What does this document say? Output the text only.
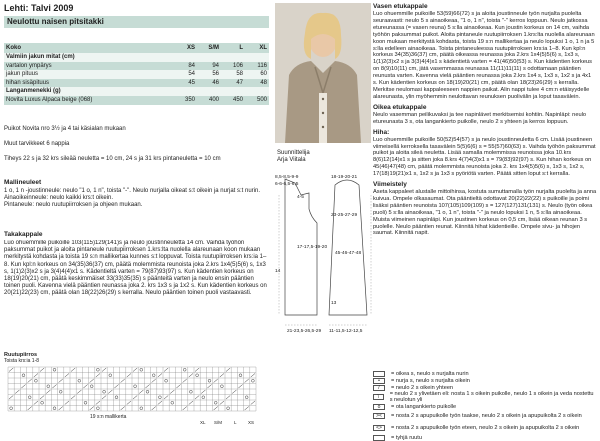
Lehti: Talvi 2009
Neulottu naisen pitsitakki
Koko	XS	S/M	L	XL
Valmiin jakun mitat (cm)				
vartalon ympärys	84	94	106	116
jakun pituus	54	56	58	60
hihan sisäpituus	45	46	47	48
Langanmenekki (g)				
Novita Luxus Alpaca beige (068)	350	400	450	500
Puikot Novita nro 3½ ja 4 tai käsialan mukaan
Muut tarvikkeet 6 nappia
Tiheys 22 s ja 32 krs sileää neuletta = 10 cm, 24 s ja 31 krs pintaneuletta = 10 cm
Mallineuleet
1 o, 1 n -joustinneule: neulo "1 o, 1 n", toista "-". Neulo nurjalla oikeat s:t oikein ja nurjat s:t nurin.
Ainaoikeinneule: neulo kaikki krs:t oikein.
Pintaneule: neulo ruutupiirroksen ja ohjeen mukaan.
Takakappale
Luo ohuemmille puikoille 103(115)129(141)s ja neulo joustinneuletta 14 cm. Vaihda työhön paksummat puikot ja aloita pintaneule ruutupiirroksen 1.krs:lta nuolella alareunaan koon mukaan merkitystä kohdasta ja toista 19 s:n mallikertaa kunnes s:t loppuvat. Toista ruutupiirroksen krs:ia 1–8. Kun kpl:n korkeus on 34(35)36(37) cm, päätä molemmista reunoista joka 2.krs 1x4(5)5(6) s, 1x3 s, 1(1)2(3)x2 s ja 3(4)4(4)x1 s. Kädentieltä varten = 79(87)93(97) s. Kun kädentien korkeus on 18(19)20(21) cm, päätä keskimmäiset 33(33)35(35) s päänteitä varten ja neulo ensin pääntien toinen puoli. Kavenna vielä pääntien reunassa joka 2. krs 1x3 s ja 1x2 s. Kun kädentien korkeus on 20(21)22(23) cm, päätä olan 18(22)26(29) s kerralla. Neulo pääntien toinen puoli vastaavasti.
Suunnittelija
Arja Viitala
8,5-8,5-9-9
6-6-6,5-6,5
4-5
21-23,5-26,5-29
18-19-20-21
14
17-17,5-19-20
11-11,5-12-12,5
13
45-46-47-48
23-25-27-29
Vasen etukappale
Luo ohuemmille puikoille 53(59)66(72) s ja aloita joustinneule työn nurjalta puolelta seuraavasti: neulo 5 s ainaoikeaa, "1 o, 1 n", toista "-" kerros loppuun. Neulo jatkossa etureunassa (= vasen reuna) 5 s:lla ainaoikeaa. Kun joustin korkeus on 14 cm, vaihda työhön paksummat puikot. Aloita pintaneule ruutupiirroksen 1.krs:lta nuolella alareunaan koon mukaan merkitystä kohdasta, toista 19 s:n mallikertaa ja neulo lopuksi 1 o, 1 n ja 5 s:lla edelleen ainaoikeaa. Toista pintaneuleessa ruutupiirroksen krs:ia 1–8. Kun kpl:n korkeus 34(35)36(37) cm, päätä oikeassa reunassa joka 2.krs 1x4(5)5(6) s, 1x3 s, 1(1)2(3)x2 s ja 3(3)4(4)x1 s kädentietä varten = 41(46)50(53) s. Kun kädentien korkeus on 8(9)10(11) cm, jätä vasemmassa reunassa 11(11)11(11) s odottamaan pääntien reunusta varten. Kavenna vielä pääntien reunassa joka 2.krs 1x4 s, 1x3 s, 1x2 s ja 4x1 s. Kun kädentien korkeus on 18(19)20(21) cm, päätä olan 18(23)26(29) s kerralla. Merkitse neulomasi kappaleeseen nappien paikat. Alin nappi tulee 4 cm:n etäisyydelle alareunasta, ylin myöhemmin neulottavan reunuksen puolivälin ja loput tasavälein.
Oikea etukappale
Neulo vasemman peilikuvaksi ja tee napinlävet merkitsemisi kohtiin. Napinläpi: neulo etureunasta 3 s, ota langankierto puikolle, neulo 2 s yhteen ja kerros loppuun.
Hiha:
Luo ohuemmille puikoille 50(52)54(57) s ja neulo joustinneuletta 6 cm. Lisää joustineen viimeisellä kerroksella tasavälein 5(5)6(6) s = 55(57)60(63) s. Vaihda työhön paksummat puikot ja aloita sileä neuletta. Lisää samalla molemmissa reunoissa joka 10.krs 8(6)12(14)x1 s ja sitten joka 8.krs 4(7)4(3)x1 s = 79(83)92(97) s. Kun hihan korkeus on 45(46)47(48) cm, päätä molemmista reunoista joka 2. krs 1x4(5)5(6) s, 1x3 s, 1x2 s, 17(18)19(21)x1 s, 1x2 s ja 1x3 s pyöriötä varten. Päätä sitten loput s:t kerralla.
Viimeistely
Aseta kappaleet alustalle mittoihinsa, kostuta sumuttamalla työn nurjalta puolelta ja anna kuivua. Ompele olkasaumat. Ota pääntieltä odottavat 20(22)22(22) s puikoille ja poimi lisäksi pääntien reunoista 107(105)109(109) s = 127(127)131(131) s. Neulo (työn oikea puoli) 5 s:lla ainaoikeaa, "1 o, 1 n", toista "-" ja neulo lopuksi 1 n, 5 s:lla ainaoikeaa. Muista viimeinen napinläpi. Kun joustinen korkeus on 0,5 cm, lisää oikean reunan 3 s puolelle. Neulo pääntien reunat. Kiinnitä hihat kädentieille. Ompele sivu- ja hihojen saumat. Kiinnitä napit.
Ruutupiirros
Toista krs:ia 1-8
19 s:n mallikerta
XL S/M	L	XS
= oikea s, neulo s nurjalta nurin
•	= nurja s, neulo s nurjalta oikein
/	= neulo 2 s oikein yhteen
\	= neulo 2 s ylivetäen eli: nosta 1 s oikein puikolle, neulo 1 s oikein ja veda nostettu s neulotun yli
o	= ota langankierto puikolle
><	= nosta 2 s apupuikolle työn taakse, neulo 2 s oikein ja apupuikolta 2 s oikein
<>	= nosta 2 s apupuikolle työn eteen, neulo 2 s oikein ja apupuikolta 2 s oikein
= tyhjä ruutu
